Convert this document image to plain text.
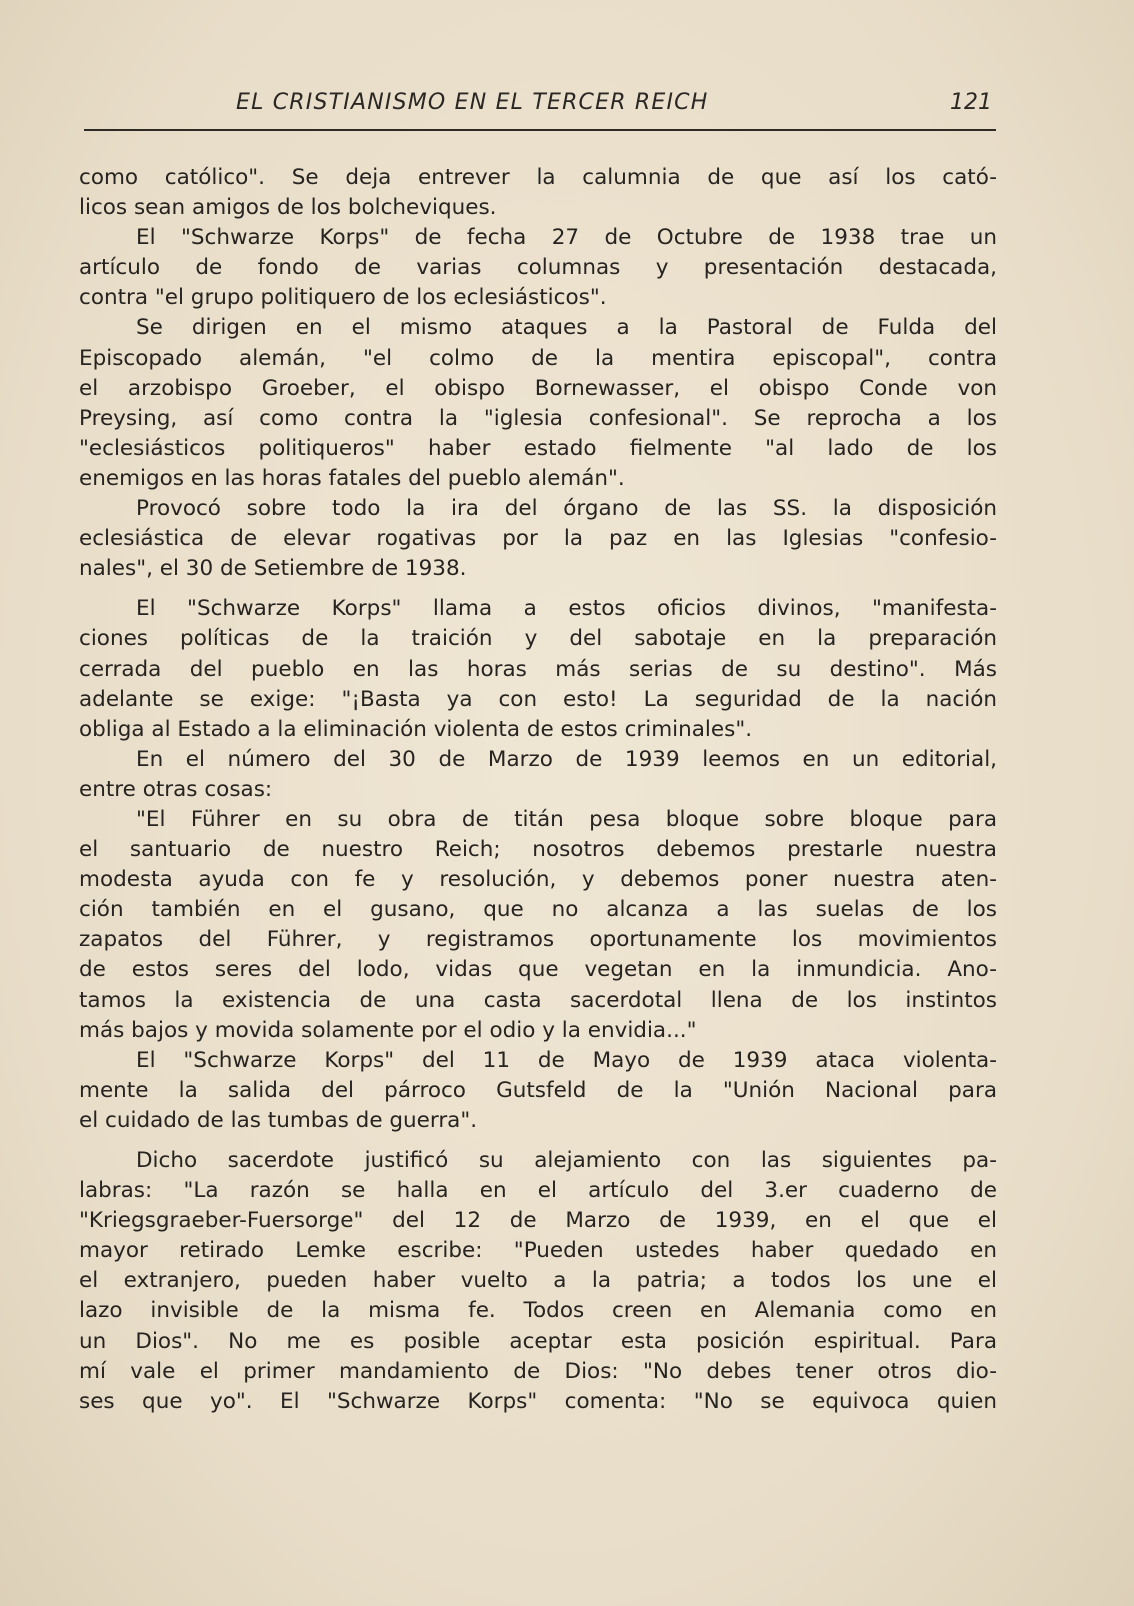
EL CRISTIANISMO EN EL TERCER REICH	121
como católico". Se deja entrever la calumnia de que así los cató-
licos sean amigos de los bolcheviques.
El "Schwarze Korps" de fecha 27 de Octubre de 1938 trae un
artículo de fondo de varias columnas y presentación destacada,
contra "el grupo politiquero de los eclesiásticos".
Se dirigen en el mismo ataques a la Pastoral de Fulda del
Episcopado alemán, "el colmo de la mentira episcopal", contra
el arzobispo Groeber, el obispo Bornewasser, el obispo Conde von
Preysing, así como contra la "iglesia confesional". Se reprocha a los
"eclesiásticos politiqueros" haber estado fielmente "al lado de los
enemigos en las horas fatales del pueblo alemán".
Provocó sobre todo la ira del órgano de las SS. la disposición
eclesiástica de elevar rogativas por la paz en las Iglesias "confesio-
nales", el 30 de Setiembre de 1938.
El "Schwarze Korps" llama a estos oficios divinos, "manifesta-
ciones políticas de la traición y del sabotaje en la preparación
cerrada del pueblo en las horas más serias de su destino". Más
adelante se exige: "¡Basta ya con esto! La seguridad de la nación
obliga al Estado a la eliminación violenta de estos criminales".
En el número del 30 de Marzo de 1939 leemos en un editorial,
entre otras cosas:
"El Führer en su obra de titán pesa bloque sobre bloque para
el santuario de nuestro Reich; nosotros debemos prestarle nuestra
modesta ayuda con fe y resolución, y debemos poner nuestra aten-
ción también en el gusano, que no alcanza a las suelas de los
zapatos del Führer, y registramos oportunamente los movimientos
de estos seres del lodo, vidas que vegetan en la inmundicia. Ano-
tamos la existencia de una casta sacerdotal llena de los instintos
más bajos y movida solamente por el odio y la envidia..."
El "Schwarze Korps" del 11 de Mayo de 1939 ataca violenta-
mente la salida del párroco Gutsfeld de la "Unión Nacional para
el cuidado de las tumbas de guerra".
Dicho sacerdote justificó su alejamiento con las siguientes pa-
labras: "La razón se halla en el artículo del 3.er cuaderno de
"Kriegsgraeber-Fuersorge" del 12 de Marzo de 1939, en el que el
mayor retirado Lemke escribe: "Pueden ustedes haber quedado en
el extranjero, pueden haber vuelto a la patria; a todos los une el
lazo invisible de la misma fe. Todos creen en Alemania como en
un Dios". No me es posible aceptar esta posición espiritual. Para
mí vale el primer mandamiento de Dios: "No debes tener otros dio-
ses que yo". El "Schwarze Korps" comenta: "No se equivoca quien
